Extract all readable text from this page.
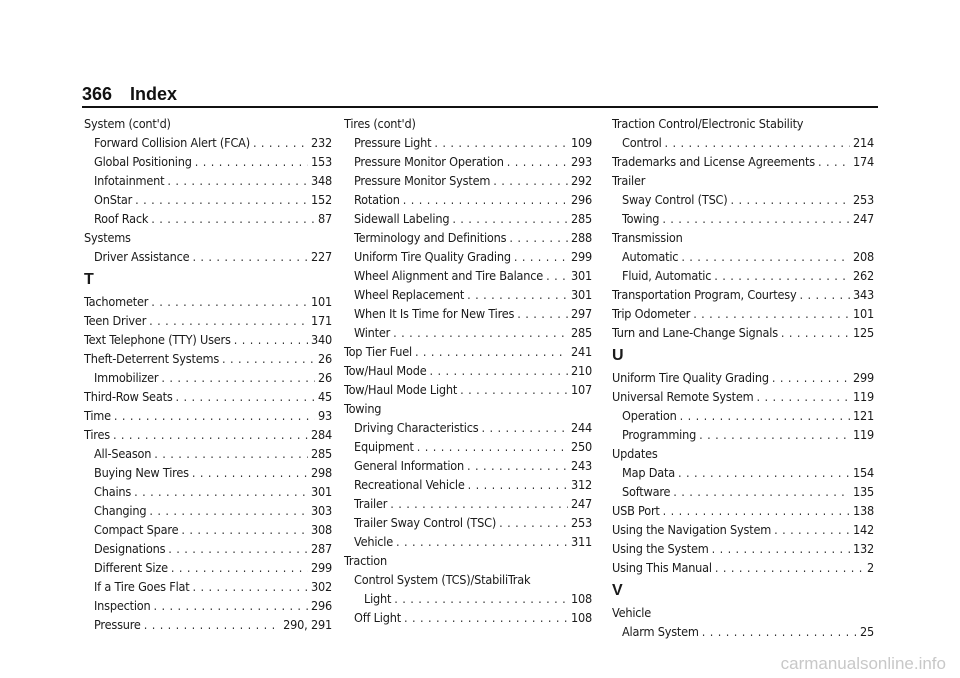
366 Index
System (cont'd)
Forward Collision Alert (FCA) . . .	232
Global Positioning . . .	153
Infotainment . . .	348
OnStar . . .	152
Roof Rack . . .	87
Systems
Driver Assistance . . .	227
T
Tachometer . . .	101
Teen Driver . . .	171
Text Telephone (TTY) Users . . .	340
Theft-Deterrent Systems . . .	26
Immobilizer . . .	26
Third-Row Seats . . .	45
Time . . .	93
Tires . . .	284
All-Season . . .	285
Buying New Tires . . .	298
Chains . . .	301
Changing . . .	303
Compact Spare . . .	308
Designations . . .	287
Different Size . . .	299
If a Tire Goes Flat . . .	302
Inspection . . .	296
Pressure . . .	290, 291
Tires (cont'd)
Pressure Light . . .	109
Pressure Monitor Operation . . .	293
Pressure Monitor System . . .	292
Rotation . . .	296
Sidewall Labeling . . .	285
Terminology and Definitions . . .	288
Uniform Tire Quality Grading . . .	299
Wheel Alignment and Tire Balance . . . 301
Wheel Replacement . . .	301
When It Is Time for New Tires . . .	297
Winter . . .	285
Top Tier Fuel . . .	241
Tow/Haul Mode . . .	210
Tow/Haul Mode Light . . .	107
Towing
Driving Characteristics . . .	244
Equipment . . .	250
General Information . . .	243
Recreational Vehicle . . .	312
Trailer . . .	247
Trailer Sway Control (TSC) . . .	253
Vehicle . . .	311
Traction
Control System (TCS)/StabiliTrak
Light . . .	108
Off Light . . .	108
Traction Control/Electronic Stability
Control . . .	214
Trademarks and License Agreements . . .	174
Trailer
Sway Control (TSC) . . .	253
Towing . . .	247
Transmission
Automatic . . .	208
Fluid, Automatic . . .	262
Transportation Program, Courtesy . . .	343
Trip Odometer . . .	101
Turn and Lane-Change Signals . . .	125
U
Uniform Tire Quality Grading . . .	299
Universal Remote System . . .	119
Operation . . .	121
Programming . . .	119
Updates
Map Data . . .	154
Software . . .	135
USB Port . . .	138
Using the Navigation System . . .	142
Using the System . . .	132
Using This Manual . . .	2
V
Vehicle
Alarm System . . .	25
carmanualsonline.info
